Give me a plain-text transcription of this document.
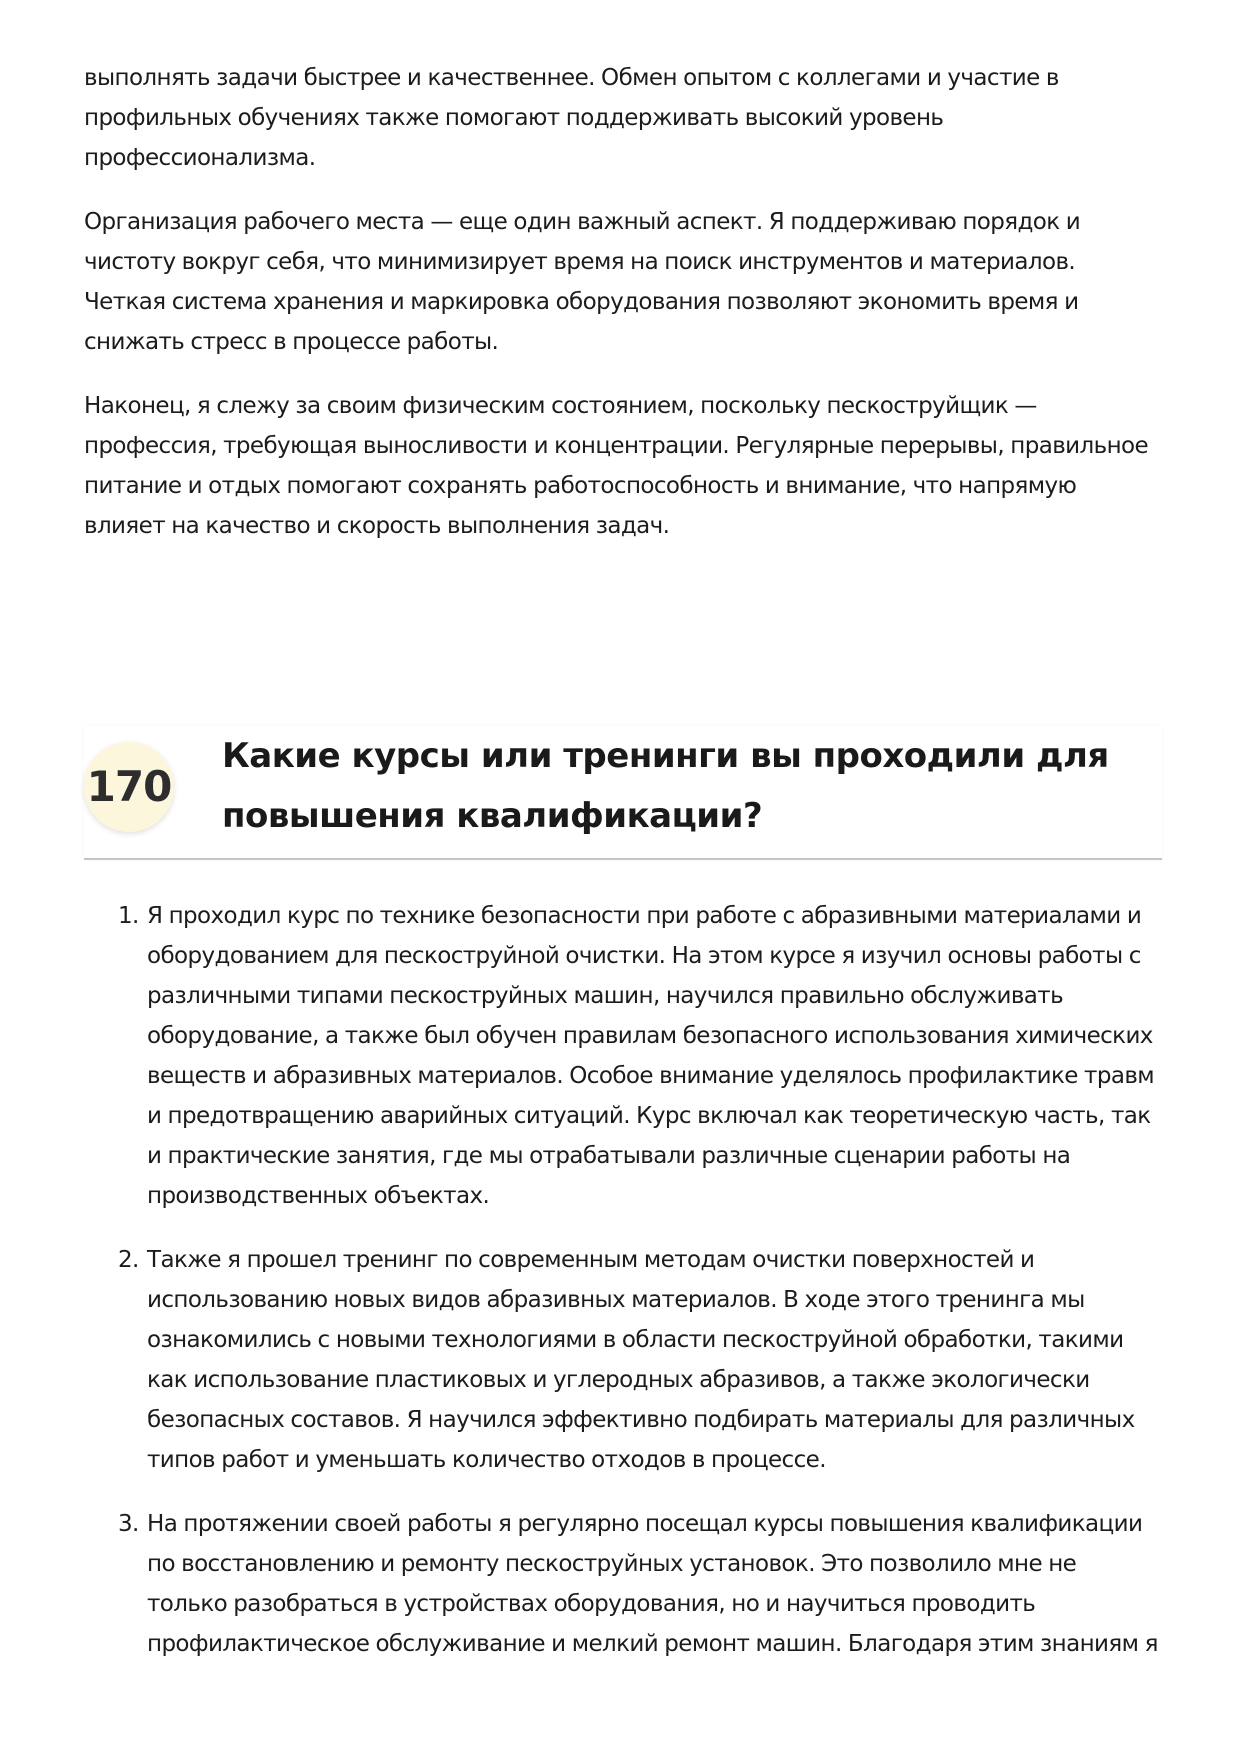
выполнять задачи быстрее и качественнее. Обмен опытом с коллегами и участие в профильных обучениях также помогают поддерживать высокий уровень профессионализма.

Организация рабочего места — еще один важный аспект. Я поддерживаю порядок и чистоту вокруг себя, что минимизирует время на поиск инструментов и материалов. Четкая система хранения и маркировка оборудования позволяют экономить время и снижать стресс в процессе работы.

Наконец, я слежу за своим физическим состоянием, поскольку пескоструйщик — профессия, требующая выносливости и концентрации. Регулярные перерывы, правильное питание и отдых помогают сохранять работоспособность и внимание, что напрямую влияет на качество и скорость выполнения задач.

170
Какие курсы или тренинги вы проходили для повышения квалификации?
1. Я проходил курс по технике безопасности при работе с абразивными материалами и оборудованием для пескоструйной очистки. На этом курсе я изучил основы работы с различными типами пескоструйных машин, научился правильно обслуживать оборудование, а также был обучен правилам безопасного использования химических веществ и абразивных материалов. Особое внимание уделялось профилактике травм и предотвращению аварийных ситуаций. Курс включал как теоретическую часть, так и практические занятия, где мы отрабатывали различные сценарии работы на производственных объектах.
2. Также я прошел тренинг по современным методам очистки поверхностей и использованию новых видов абразивных материалов. В ходе этого тренинга мы ознакомились с новыми технологиями в области пескоструйной обработки, такими как использование пластиковых и углеродных абразивов, а также экологически безопасных составов. Я научился эффективно подбирать материалы для различных типов работ и уменьшать количество отходов в процессе.
3. На протяжении своей работы я регулярно посещал курсы повышения квалификации по восстановлению и ремонту пескоструйных установок. Это позволило мне не только разобраться в устройствах оборудования, но и научиться проводить профилактическое обслуживание и мелкий ремонт машин. Благодаря этим знаниям я
